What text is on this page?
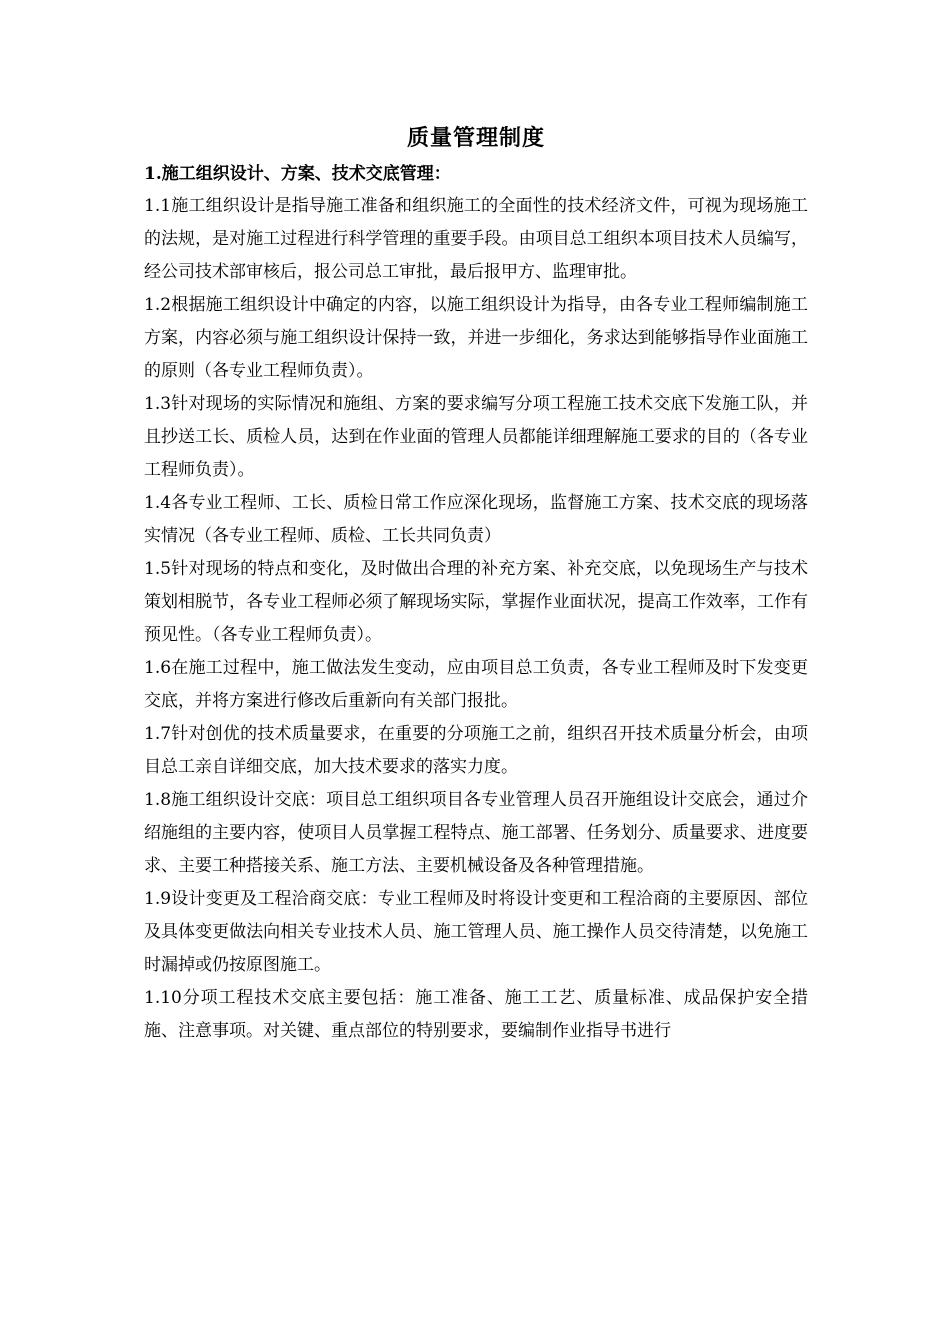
质量管理制度
1.施工组织设计、方案、技术交底管理：

1.1施工组织设计是指导施工准备和组织施工的全面性的技术经济文件，可视为现场施工的法规，是对施工过程进行科学管理的重要手段。由项目总工组织本项目技术人员编写，经公司技术部审核后，报公司总工审批，最后报甲方、监理审批。

1.2根据施工组织设计中确定的内容，以施工组织设计为指导，由各专业工程师编制施工方案，内容必须与施工组织设计保持一致，并进一步细化，务求达到能够指导作业面施工的原则（各专业工程师负责）。

1.3针对现场的实际情况和施组、方案的要求编写分项工程施工技术交底下发施工队，并且抄送工长、质检人员，达到在作业面的管理人员都能详细理解施工要求的目的（各专业工程师负责）。

1.4各专业工程师、工长、质检日常工作应深化现场，监督施工方案、技术交底的现场落实情况（各专业工程师、质检、工长共同负责）

1.5针对现场的特点和变化，及时做出合理的补充方案、补充交底，以免现场生产与技术策划相脱节，各专业工程师必须了解现场实际，掌握作业面状况，提高工作效率，工作有预见性。（各专业工程师负责）。

1.6在施工过程中，施工做法发生变动，应由项目总工负责，各专业工程师及时下发变更交底，并将方案进行修改后重新向有关部门报批。

1.7针对创优的技术质量要求，在重要的分项施工之前，组织召开技术质量分析会，由项目总工亲自详细交底，加大技术要求的落实力度。

1.8施工组织设计交底：项目总工组织项目各专业管理人员召开施组设计交底会，通过介绍施组的主要内容，使项目人员掌握工程特点、施工部署、任务划分、质量要求、进度要求、主要工种搭接关系、施工方法、主要机械设备及各种管理措施。

1.9设计变更及工程洽商交底：专业工程师及时将设计变更和工程洽商的主要原因、部位及具体变更做法向相关专业技术人员、施工管理人员、施工操作人员交待清楚，以免施工时漏掉或仍按原图施工。

1.10分项工程技术交底主要包括：施工准备、施工工艺、质量标准、成品保护安全措施、注意事项。对关键、重点部位的特别要求，要编制作业指导书进行
